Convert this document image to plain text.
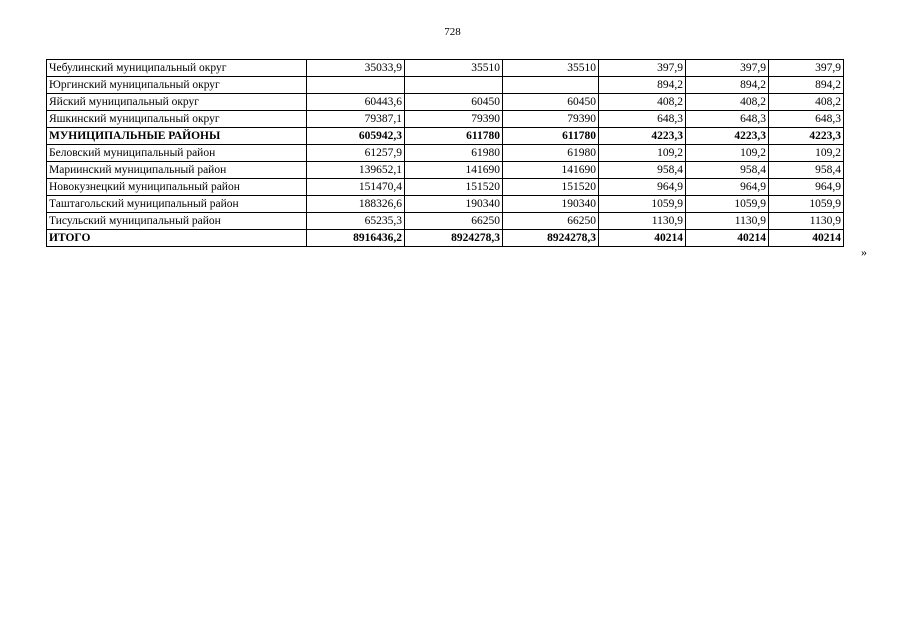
728
Чебулинский муниципальный округ	35033,9	35510	35510	397,9	397,9	397,9
Юргинский муниципальный округ				894,2	894,2	894,2
Яйский муниципальный округ	60443,6	60450	60450	408,2	408,2	408,2
Яшкинский муниципальный округ	79387,1	79390	79390	648,3	648,3	648,3
МУНИЦИПАЛЬНЫЕ РАЙОНЫ	605942,3	611780	611780	4223,3	4223,3	4223,3
Беловский муниципальный район	61257,9	61980	61980	109,2	109,2	109,2
Мариинский муниципальный район	139652,1	141690	141690	958,4	958,4	958,4
Новокузнецкий муниципальный район	151470,4	151520	151520	964,9	964,9	964,9
Таштагольский муниципальный район	188326,6	190340	190340	1059,9	1059,9	1059,9
Тисульский муниципальный район	65235,3	66250	66250	1130,9	1130,9	1130,9
ИТОГО	8916436,2	8924278,3	8924278,3	40214	40214	40214
»
